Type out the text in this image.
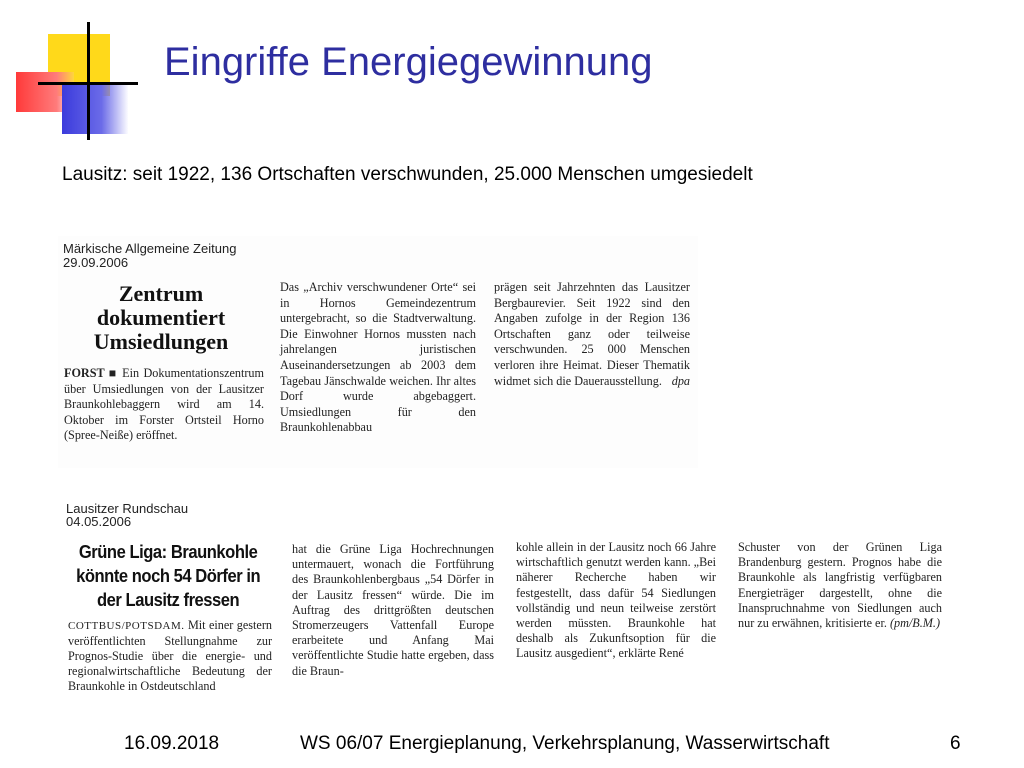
Eingriffe Energiegewinnung
Lausitz: seit 1922, 136 Ortschaften verschwunden, 25.000 Menschen umgesiedelt
Märkische Allgemeine Zeitung
29.09.2006
Zentrum dokumentiert Umsiedlungen
FORST ■ Ein Dokumentationszentrum über Umsiedlungen von der Lausitzer Braunkohlebaggern wird am 14. Oktober im Forster Ortsteil Horno (Spree-Neiße) eröffnet.
Das „Archiv verschwundener Orte“ sei in Hornos Gemeindezentrum untergebracht, so die Stadtverwaltung. Die Einwohner Hornos mussten nach jahrelangen juristischen Auseinandersetzungen ab 2003 dem Tagebau Jänschwalde weichen. Ihr altes Dorf wurde abgebaggert. Umsiedlungen für den Braunkohlenabbau
prägen seit Jahrzehnten das Lausitzer Bergbaurevier. Seit 1922 sind den Angaben zufolge in der Region 136 Ortschaften ganz oder teilweise verschwunden. 25 000 Menschen verloren ihre Heimat. Dieser Thematik widmet sich die Dauerausstellung. dpa
Lausitzer Rundschau
04.05.2006
Grüne Liga: Braunkohle könnte noch 54 Dörfer in der Lausitz fressen
COTTBUS/POTSDAM. Mit einer gestern veröffentlichten Stellungnahme zur Prognos-Studie über die energie- und regionalwirtschaftliche Bedeutung der Braunkohle in Ostdeutschland
hat die Grüne Liga Hochrechnungen untermauert, wonach die Fortführung des Braunkohlenbergbaus „54 Dörfer in der Lausitz fressen“ würde. Die im Auftrag des drittgrößten deutschen Stromerzeugers Vattenfall Europe erarbeitete und Anfang Mai veröffentlichte Studie hatte ergeben, dass die Braun-
kohle allein in der Lausitz noch 66 Jahre wirtschaftlich genutzt werden kann. „Bei näherer Recherche haben wir festgestellt, dass dafür 54 Siedlungen vollständig und neun teilweise zerstört werden müssten. Braunkohle hat deshalb als Zukunftsoption für die Lausitz ausgedient“, erklärte René
Schuster von der Grünen Liga Brandenburg gestern. Prognos habe die Braunkohle als langfristig verfügbaren Energieträger dargestellt, ohne die Inanspruchnahme von Siedlungen auch nur zu erwähnen, kritisierte er. (pm/B.M.)
16.09.2018	WS 06/07 Energieplanung, Verkehrsplanung, Wasserwirtschaft	6
